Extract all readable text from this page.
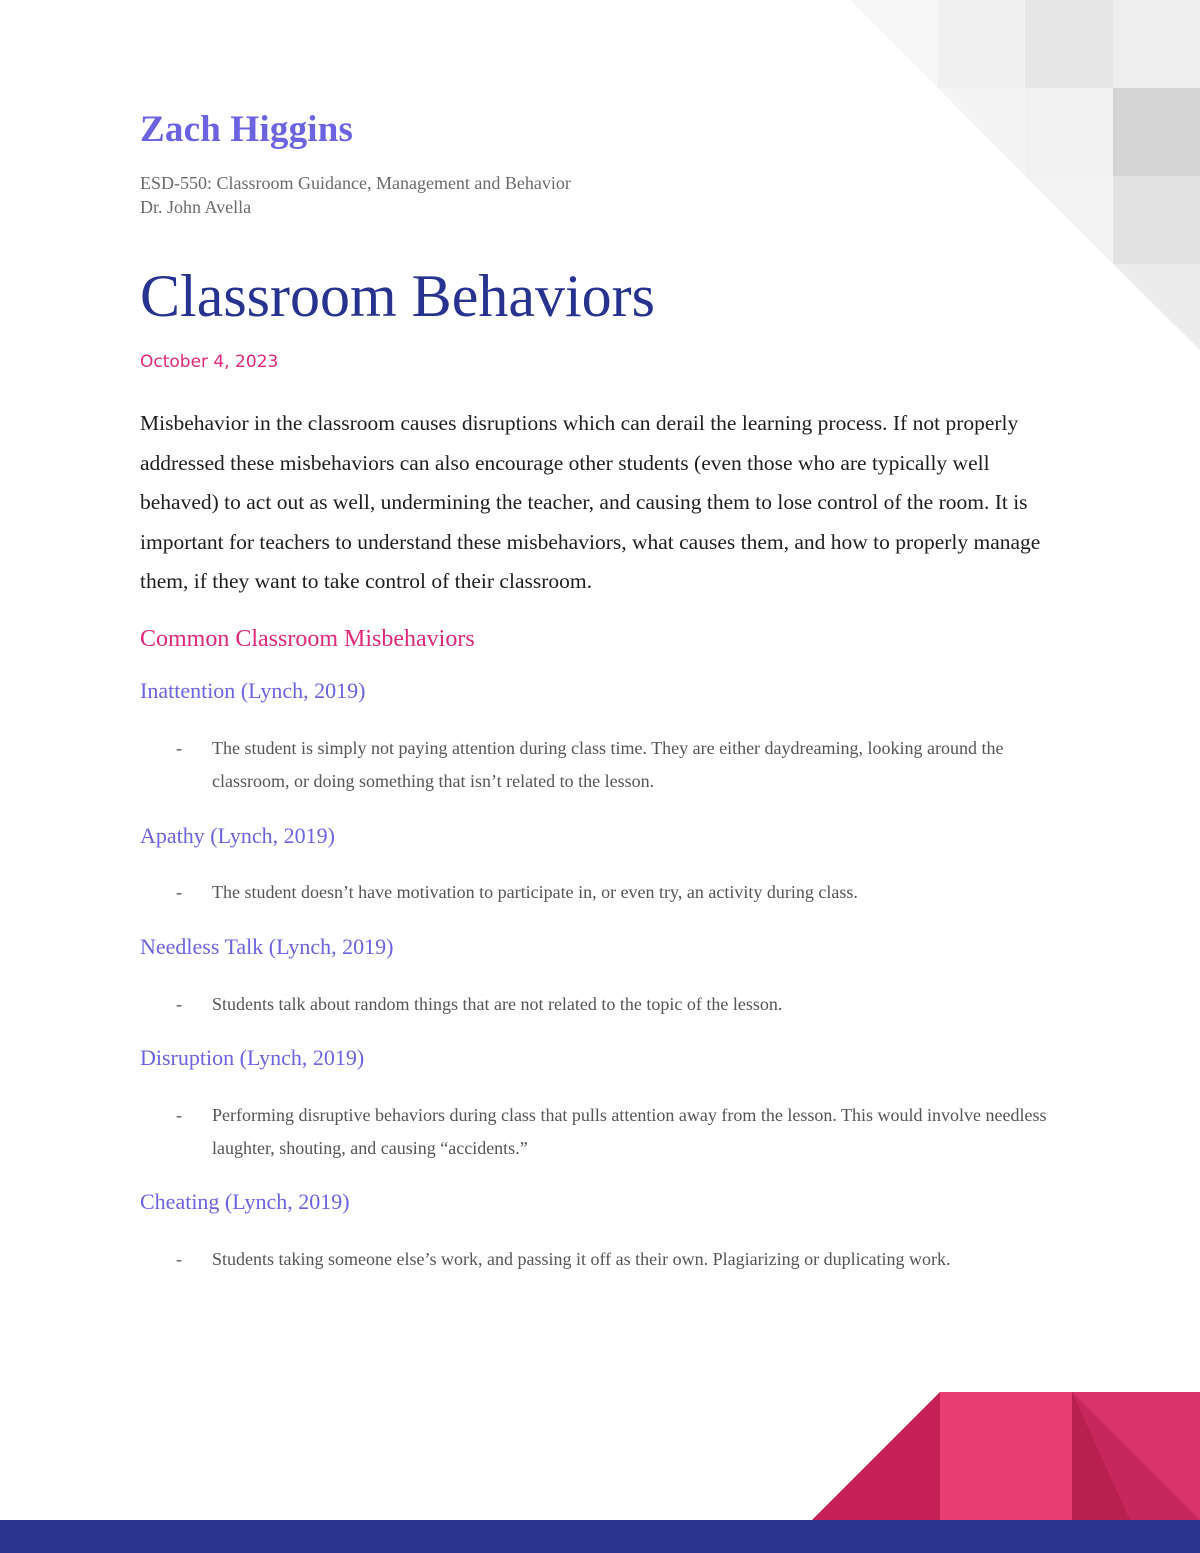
Zach Higgins

ESD-550: Classroom Guidance, Management and Behavior

Dr. John Avella

Classroom Behaviors

October 4, 2023

Misbehavior in the classroom causes disruptions which can derail the learning process. If not properly addressed these misbehaviors can also encourage other students (even those who are typically well behaved) to act out as well, undermining the teacher, and causing them to lose control of the room. It is important for teachers to understand these misbehaviors, what causes them, and how to properly manage them, if they want to take control of their classroom.

Common Classroom Misbehaviors
Inattention (Lynch, 2019)
- The student is simply not paying attention during class time. They are either daydreaming, looking around the classroom, or doing something that isn’t related to the lesson.
Apathy (Lynch, 2019)
- The student doesn’t have motivation to participate in, or even try, an activity during class.
Needless Talk (Lynch, 2019)
- Students talk about random things that are not related to the topic of the lesson.
Disruption (Lynch, 2019)
- Performing disruptive behaviors during class that pulls attention away from the lesson. This would involve needless laughter, shouting, and causing “accidents.”
Cheating (Lynch, 2019)
- Students taking someone else’s work, and passing it off as their own. Plagiarizing or duplicating work.
